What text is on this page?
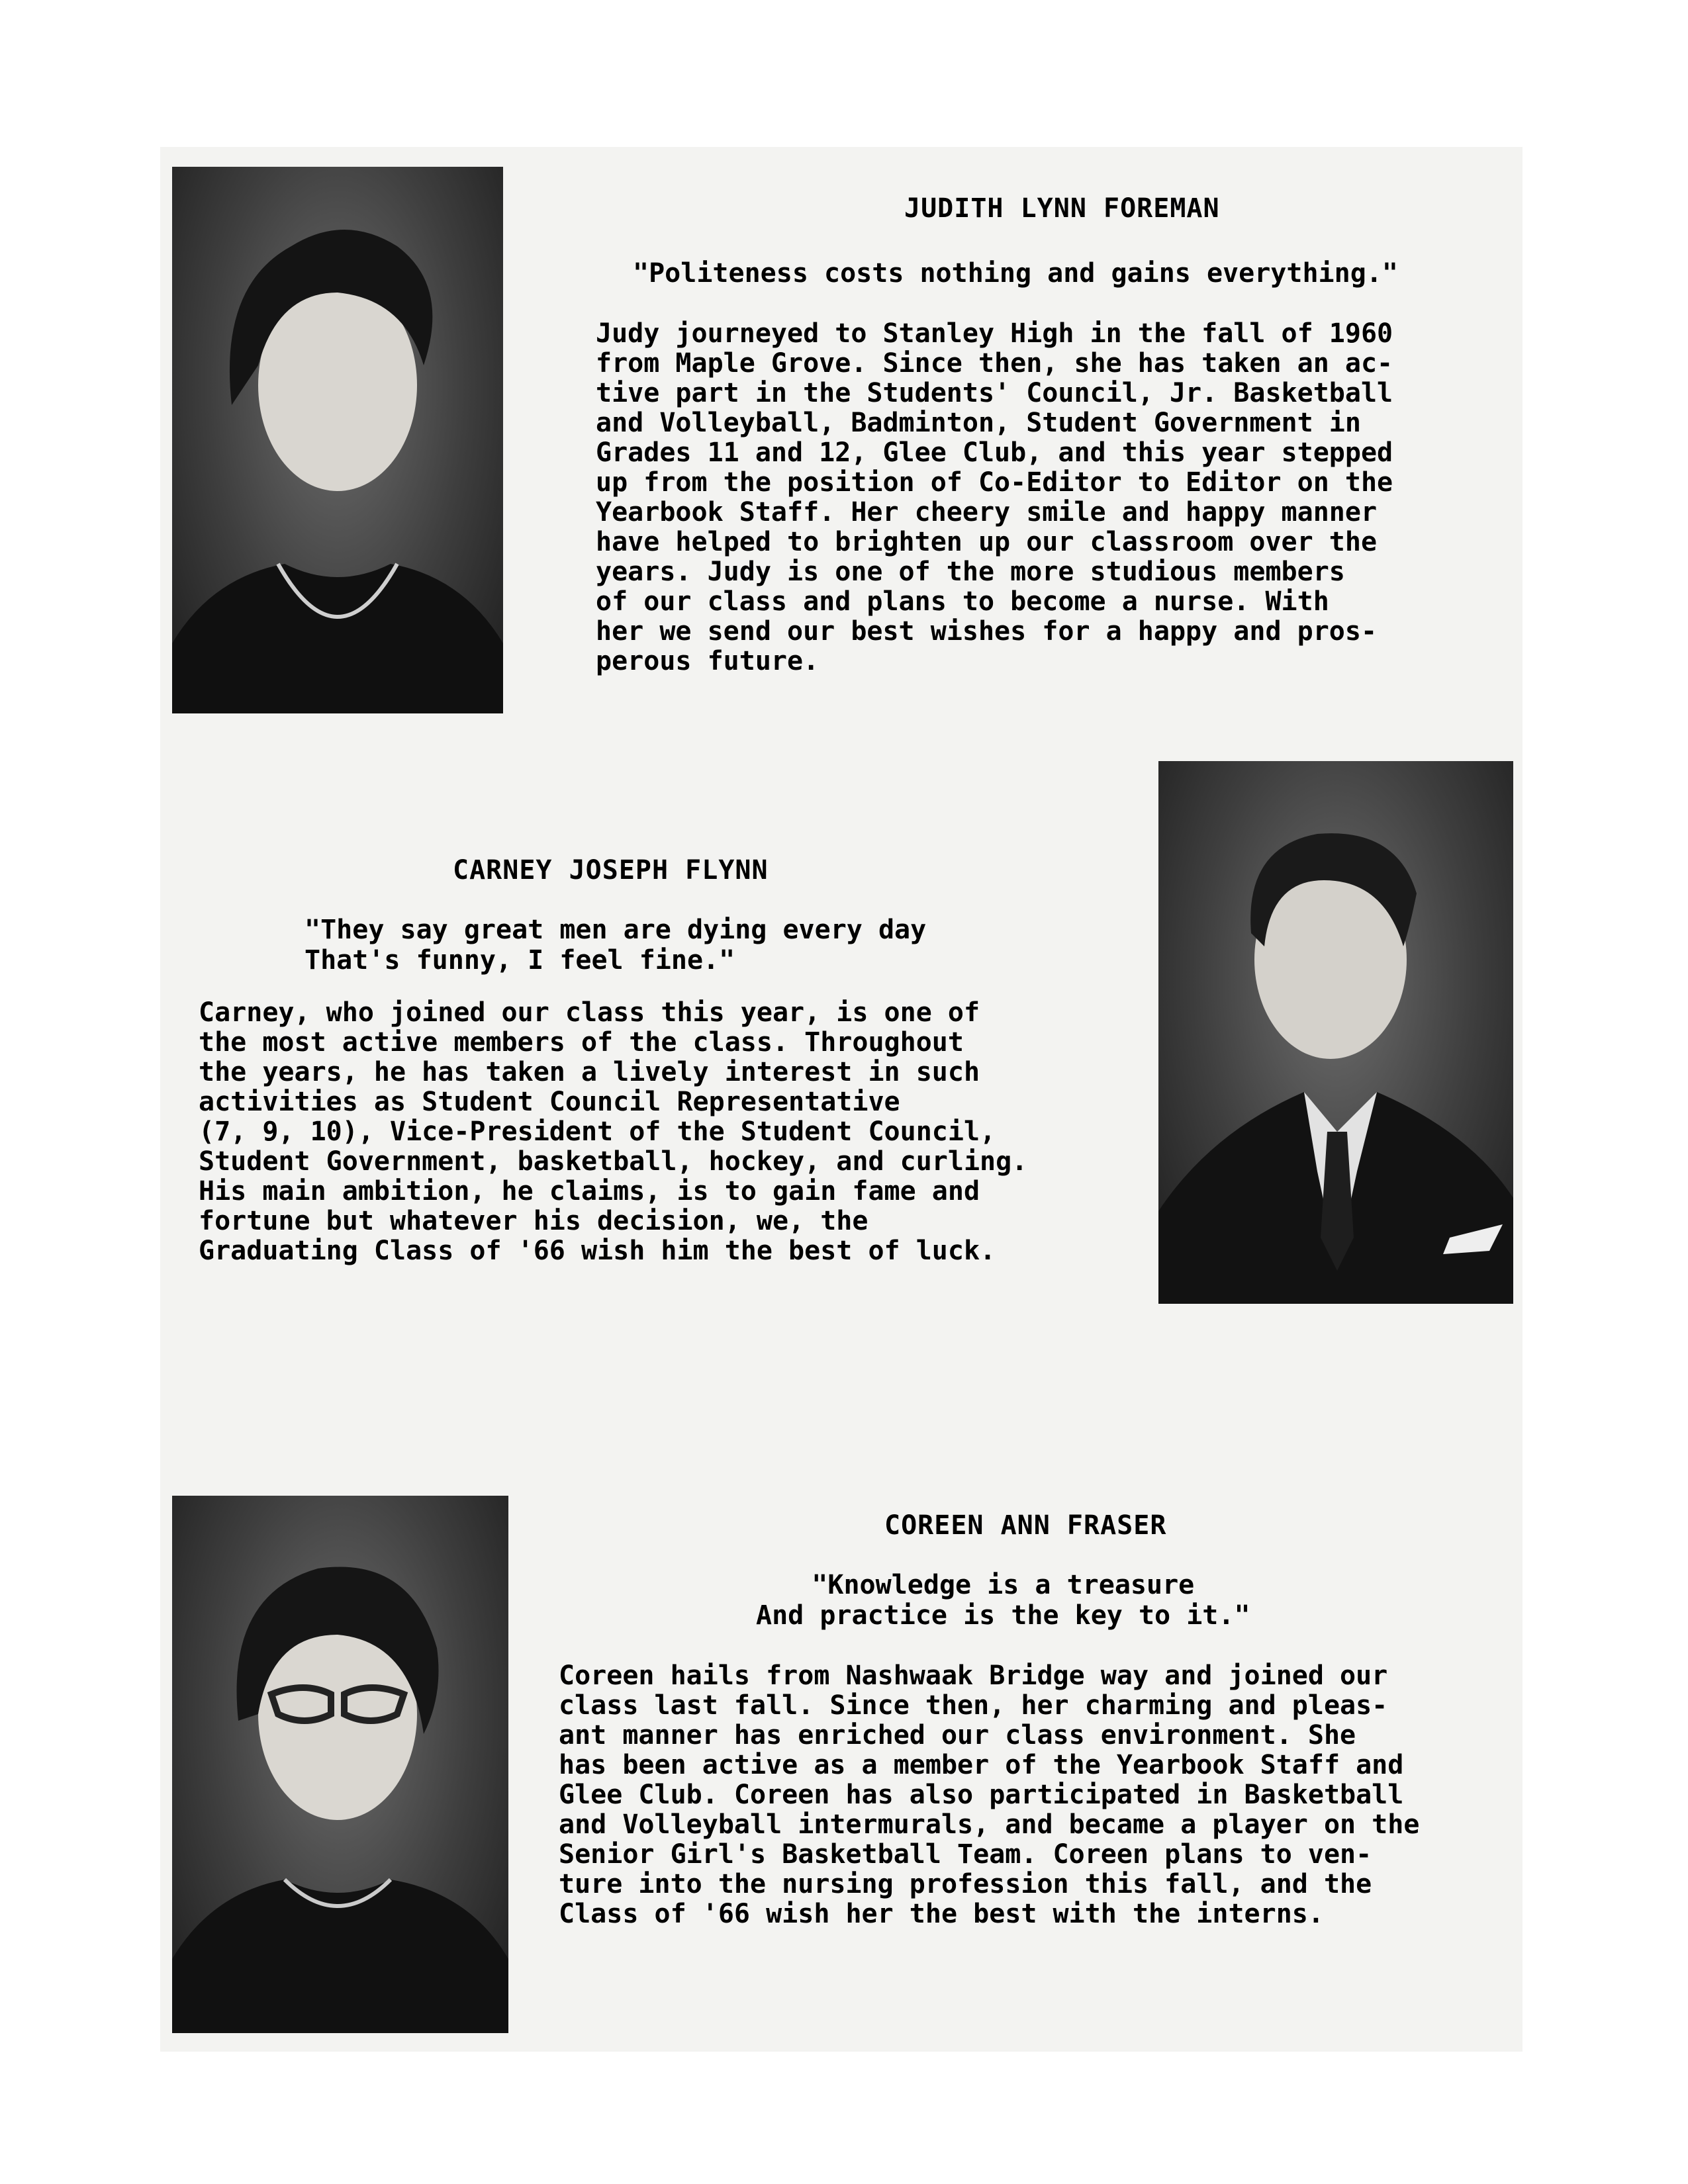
JUDITH LYNN FOREMAN
"Politeness costs nothing and gains everything."
Judy journeyed to Stanley High in the fall of 1960
from Maple Grove. Since then, she has taken an ac-
tive part in the Students' Council, Jr. Basketball
and Volleyball, Badminton, Student Government in
Grades 11 and 12, Glee Club, and this year stepped
up from the position of Co-Editor to Editor on the
Yearbook Staff. Her cheery smile and happy manner
have helped to brighten up our classroom over the
years. Judy is one of the more studious members
of our class and plans to become a nurse. With
her we send our best wishes for a happy and pros-
perous future.
CARNEY JOSEPH FLYNN
"They say great men are dying every day
That's funny, I feel fine."
Carney, who joined our class this year, is one of
the most active members of the class. Throughout
the years, he has taken a lively interest in such
activities as Student Council Representative
(7, 9, 10), Vice-President of the Student Council,
Student Government, basketball, hockey, and curling.
His main ambition, he claims, is to gain fame and
fortune but whatever his decision, we, the
Graduating Class of '66 wish him the best of luck.
COREEN ANN FRASER
"Knowledge is a treasure
And practice is the key to it."
Coreen hails from Nashwaak Bridge way and joined our
class last fall. Since then, her charming and pleas-
ant manner has enriched our class environment. She
has been active as a member of the Yearbook Staff and
Glee Club. Coreen has also participated in Basketball
and Volleyball intermurals, and became a player on the
Senior Girl's Basketball Team. Coreen plans to ven-
ture into the nursing profession this fall, and the
Class of '66 wish her the best with the interns.
